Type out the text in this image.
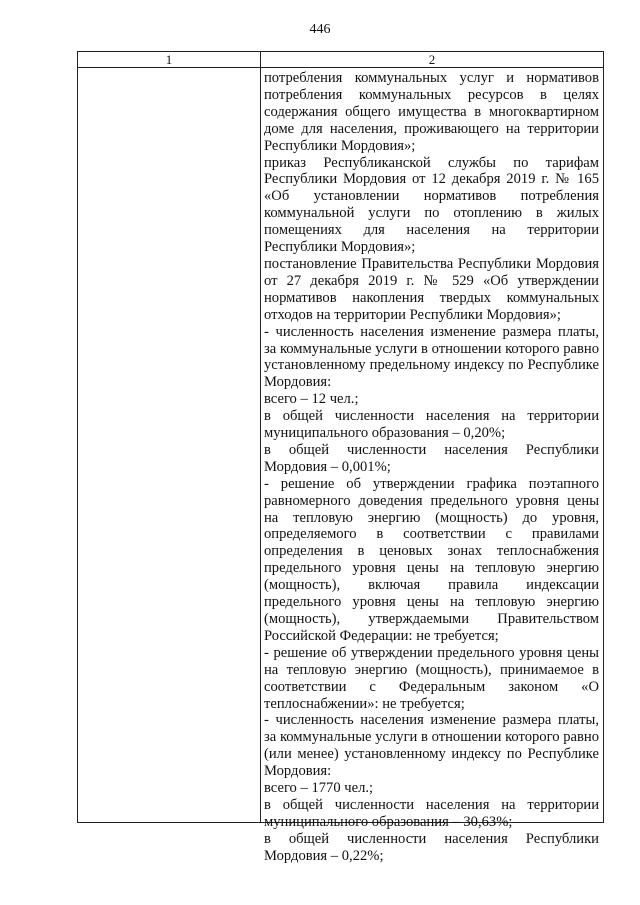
446
1	2

потребления коммунальных услуг и нормативов потребления коммунальных ресурсов в целях содержания общего имущества в многоквартирном доме для населения, проживающего на территории Республики Мордовия»;

приказ Республиканской службы по тарифам Республики Мордовия от 12 декабря 2019 г. № 165 «Об установлении нормативов потребления коммунальной услуги по отоплению в жилых помещениях для населения на территории Республики Мордовия»;

постановление Правительства Республики Мордовия от 27 декабря 2019 г. № 529 «Об утверждении нормативов накопления твердых коммунальных отходов на территории Республики Мордовия»;

- численность населения изменение размера платы, за коммунальные услуги в отношении которого равно установленному предельному индексу по Республике Мордовия:

всего – 12 чел.;

в общей численности населения на территории муниципального образования – 0,20%;

в общей численности населения Республики Мордовия – 0,001%;

- решение об утверждении графика поэтапного равномерного доведения предельного уровня цены на тепловую энергию (мощность) до уровня, определяемого в соответствии с правилами определения в ценовых зонах теплоснабжения предельного уровня цены на тепловую энергию (мощность), включая правила индексации предельного уровня цены на тепловую энергию (мощность), утверждаемыми Правительством Российской Федерации: не требуется;

- решение об утверждении предельного уровня цены на тепловую энергию (мощность), принимаемое в соответствии с Федеральным законом «О теплоснабжении»: не требуется;

- численность населения изменение размера платы, за коммунальные услуги в отношении которого равно (или менее) установленному индексу по Республике Мордовия:

всего – 1770 чел.;

в общей численности населения на территории муниципального образования – 30,63%;

в общей численности населения Республики Мордовия – 0,22%;
